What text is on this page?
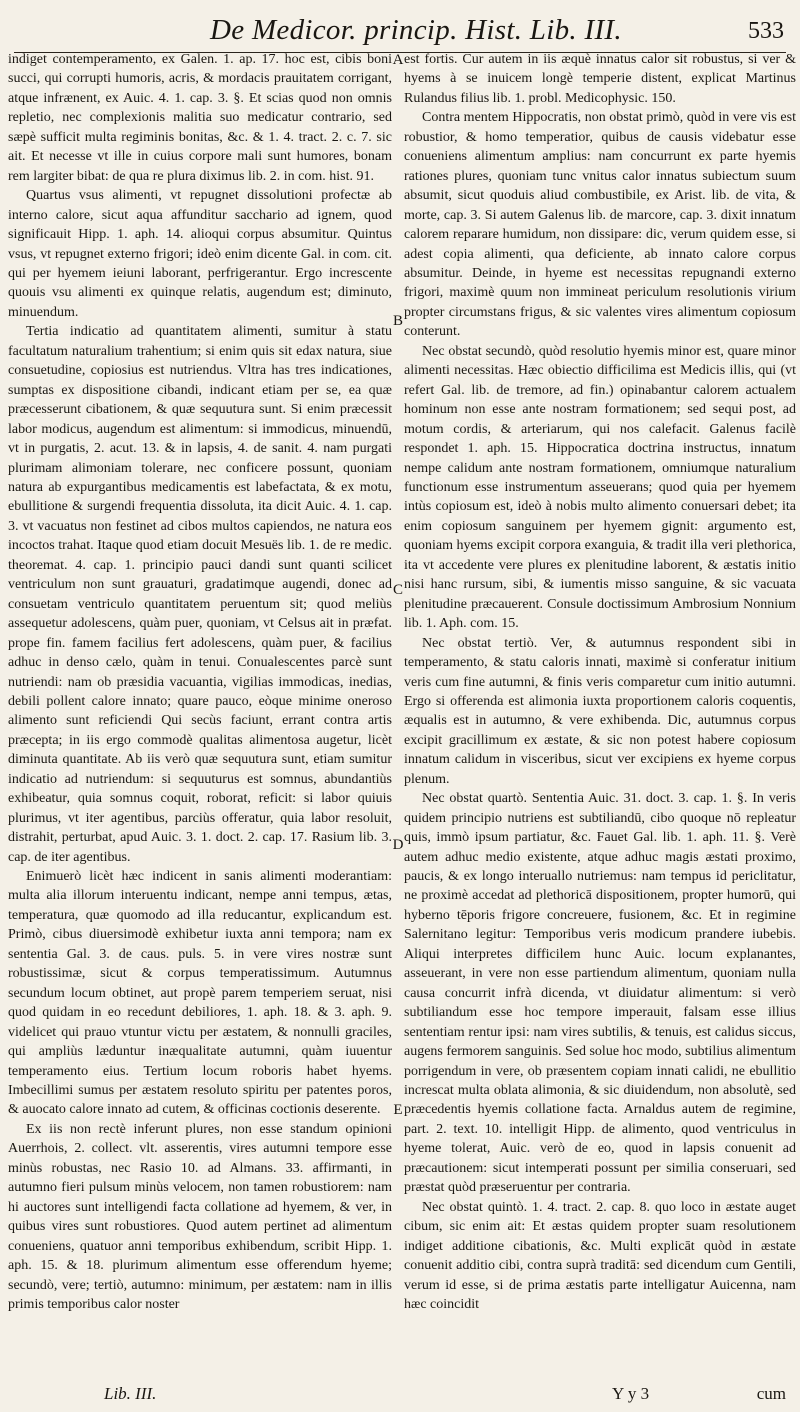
De Medicor. princip. Hist. Lib. III.	533

indiget contemperamento, ex Galen. 1. ap. 17. hoc est, cibis boni succi, qui corrupti humoris, acris, & mordacis prauitatem corrigant, atque infrænent, ex Auic. 4. 1. cap. 3. §. Et scias quod non omnis repletio, nec complexionis malitia suo medicatur contrario, sed sæpè sufficit multa regiminis bonitas, &c. & 1. 4. tract. 2. c. 7. sic ait. Et necesse vt ille in cuius corpore mali sunt humores, bonam rem largiter bibat: de qua re plura diximus lib. 2. in com. hist. 91.

Quartus vsus alimenti, vt repugnet dissolutioni profectæ ab interno calore, sicut aqua affunditur sacchario ad ignem, quod significauit Hipp. 1. aph. 14. alioqui corpus absumitur. Quintus vsus, vt repugnet externo frigori; ideò enim dicente Gal. in com. cit. qui per hyemem ieiuni laborant, perfrigerantur. Ergo increscente quouis vsu alimenti ex quinque relatis, augendum est; diminuto, minuendum.

Tertia indicatio ad quantitatem alimenti, sumitur à statu facultatum naturalium trahentium; si enim quis sit edax natura, siue consuetudine, copiosius est nutriendus. Vltra has tres indicationes, sumptas ex dispositione cibandi, indicant etiam per se, ea quæ præcesserunt cibationem, & quæ sequutura sunt. Si enim præcessit labor modicus, augendum est alimentum: si immodicus, minuendū, vt in purgatis, 2. acut. 13. & in lapsis, 4. de sanit. 4. nam purgati plurimam alimoniam tolerare, nec conficere possunt, quoniam natura ab expurgantibus medicamentis est labefactata, & ex motu, ebullitione & surgendi frequentia dissoluta, ita dicit Auic. 4. 1. cap. 3. vt vacuatus non festinet ad cibos multos capiendos, ne natura eos incoctos trahat. Itaque quod etiam docuit Mesuës lib. 1. de re medic. theoremat. 4. cap. 1. principio pauci dandi sunt quanti scilicet ventriculum non sunt grauaturi, gradatimque augendi, donec ad consuetam ventriculo quantitatem peruentum sit; quod meliùs assequetur adolescens, quàm puer, quoniam, vt Celsus ait in præfat. prope fin. famem facilius fert adolescens, quàm puer, & facilius adhuc in denso cælo, quàm in tenui. Conualescentes parcè sunt nutriendi: nam ob præsidia vacuantia, vigilias immodicas, inedias, debili pollent calore innato; quare pauco, eòque minime oneroso alimento sunt reficiendi Qui secùs faciunt, errant contra artis præcepta; in iis ergo commodè qualitas alimentosa augetur, licèt diminuta quantitate. Ab iis verò quæ sequutura sunt, etiam sumitur indicatio ad nutriendum: si sequuturus est somnus, abundantiùs exhibeatur, quia somnus coquit, roborat, reficit: si labor quiuis plurimus, vt iter agentibus, parciùs offeratur, quia labor resoluit, distrahit, perturbat, apud Auic. 3. 1. doct. 2. cap. 17. Rasium lib. 3. cap. de iter agentibus.

Enimuerò licèt hæc indicent in sanis alimenti moderantiam: multa alia illorum interuentu indicant, nempe anni tempus, ætas, temperatura, quæ quomodo ad illa reducantur, explicandum est. Primò, cibus diuersimodè exhibetur iuxta anni tempora; nam ex sententia Gal. 3. de caus. puls. 5. in vere vires nostræ sunt robustissimæ, sicut & corpus temperatissimum. Autumnus secundum locum obtinet, aut propè parem temperiem seruat, nisi quod quidam in eo recedunt debiliores, 1. aph. 18. & 3. aph. 9. videlicet qui prauo vtuntur victu per æstatem, & nonnulli graciles, qui ampliùs læduntur inæqualitate autumni, quàm iuuentur temperamento eius. Tertium locum roboris habet hyems. Imbecillimi sumus per æstatem resoluto spiritu per patentes poros, & auocato calore innato ad cutem, & officinas coctionis deserente.

Ex iis non rectè inferunt plures, non esse standum opinioni Auerrhois, 2. collect. vlt. asserentis, vires autumni tempore esse minùs robustas, nec Rasio 10. ad Almans. 33. affirmanti, in autumno fieri pulsum minùs velocem, non tamen robustiorem: nam hi auctores sunt intelligendi facta collatione ad hyemem, & ver, in quibus vires sunt robustiores. Quod autem pertinet ad alimentum conueniens, quatuor anni temporibus exhibendum, scribit Hipp. 1. aph. 15. & 18. plurimum alimentum esse offerendum hyeme; secundò, vere; tertiò, autumno: minimum, per æstatem: nam in illis primis temporibus calor noster

A
B
C
D
E

est fortis. Cur autem in iis æquè innatus calor sit robustus, si ver & hyems à se inuicem longè temperie distent, explicat Martinus Rulandus filius lib. 1. probl. Medicophysic. 150.

Contra mentem Hippocratis, non obstat primò, quòd in vere vis est robustior, & homo temperatior, quibus de causis videbatur esse conueniens alimentum amplius: nam concurrunt ex parte hyemis rationes plures, quoniam tunc vnitus calor innatus subiectum suum absumit, sicut quoduis aliud combustibile, ex Arist. lib. de vita, & morte, cap. 3. Si autem Galenus lib. de marcore, cap. 3. dixit innatum calorem reparare humidum, non dissipare: dic, verum quidem esse, si adest copia alimenti, qua deficiente, ab innato calore corpus absumitur. Deinde, in hyeme est necessitas repugnandi externo frigori, maximè quum non immineat periculum resolutionis virium propter circumstans frigus, & sic valentes vires alimentum copiosum conterunt.

Nec obstat secundò, quòd resolutio hyemis minor est, quare minor alimenti necessitas. Hæc obiectio difficilima est Medicis illis, qui (vt refert Gal. lib. de tremore, ad fin.) opinabantur calorem actualem hominum non esse ante nostram formationem; sed sequi post, ad motum cordis, & arteriarum, qui nos calefacit. Galenus facilè respondet 1. aph. 15. Hippocratica doctrina instructus, innatum nempe calidum ante nostram formationem, omniumque naturalium functionum esse instrumentum asseuerans; quod quia per hyemem intùs copiosum est, ideò à nobis multo alimento conuersari debet; ita enim copiosum sanguinem per hyemem gignit: argumento est, quoniam hyems excipit corpora exanguia, & tradit illa veri plethorica, ita vt accedente vere plures ex plenitudine laborent, & æstatis initio nisi hanc rursum, sibi, & iumentis misso sanguine, & sic vacuata plenitudine præcauerent. Consule doctissimum Ambrosium Nonnium lib. 1. Aph. com. 15.

Nec obstat tertiò. Ver, & autumnus respondent sibi in temperamento, & statu caloris innati, maximè si conferatur initium veris cum fine autumni, & finis veris comparetur cum initio autumni. Ergo si offerenda est alimonia iuxta proportionem caloris coquentis, æqualis est in autumno, & vere exhibenda. Dic, autumnus corpus excipit gracillimum ex æstate, & sic non potest habere copiosum innatum calidum in visceribus, sicut ver excipiens ex hyeme corpus plenum.

Nec obstat quartò. Sententia Auic. 31. doct. 3. cap. 1. §. In veris quidem principio nutriens est subtiliandū, cibo quoque nō repleatur quis, immò ipsum partiatur, &c. Fauet Gal. lib. 1. aph. 11. §. Verè autem adhuc medio existente, atque adhuc magis æstati proximo, paucis, & ex longo interuallo nutriemus: nam tempus id periclitatur, ne proximè accedat ad plethoricā dispositionem, propter humorū, qui hyberno tēporis frigore concreuere, fusionem, &c. Et in regimine Salernitano legitur: Temporibus veris modicum prandere iubebis. Aliqui interpretes difficilem hunc Auic. locum explanantes, asseuerant, in vere non esse partiendum alimentum, quoniam nulla causa concurrit infrà dicenda, vt diuidatur alimentum: si verò subtiliandum esse hoc tempore imperauit, falsam esse illius sententiam rentur ipsi: nam vires subtilis, & tenuis, est calidus siccus, augens fermorem sanguinis. Sed solue hoc modo, subtilius alimentum porrigendum in vere, ob præsentem copiam innati calidi, ne ebullitio increscat multa oblata alimonia, & sic diuidendum, non absolutè, sed præcedentis hyemis collatione facta. Arnaldus autem de regimine, part. 2. text. 10. intelligit Hipp. de alimento, quod ventriculus in hyeme tolerat, Auic. verò de eo, quod in lapsis conuenit ad præcautionem: sicut intemperati possunt per similia conseruari, sed præstat quòd præseruentur per contraria.

Nec obstat quintò. 1. 4. tract. 2. cap. 8. quo loco in æstate auget cibum, sic enim ait: Et æstas quidem propter suam resolutionem indiget additione cibationis, &c. Multi explicāt quòd in æstate conuenit additio cibi, contra suprà traditā: sed dicendum cum Gentili, verum id esse, si de prima æstatis parte intelligatur Auicenna, nam hæc coincidit

Lib. III.	Y y 3	cum
